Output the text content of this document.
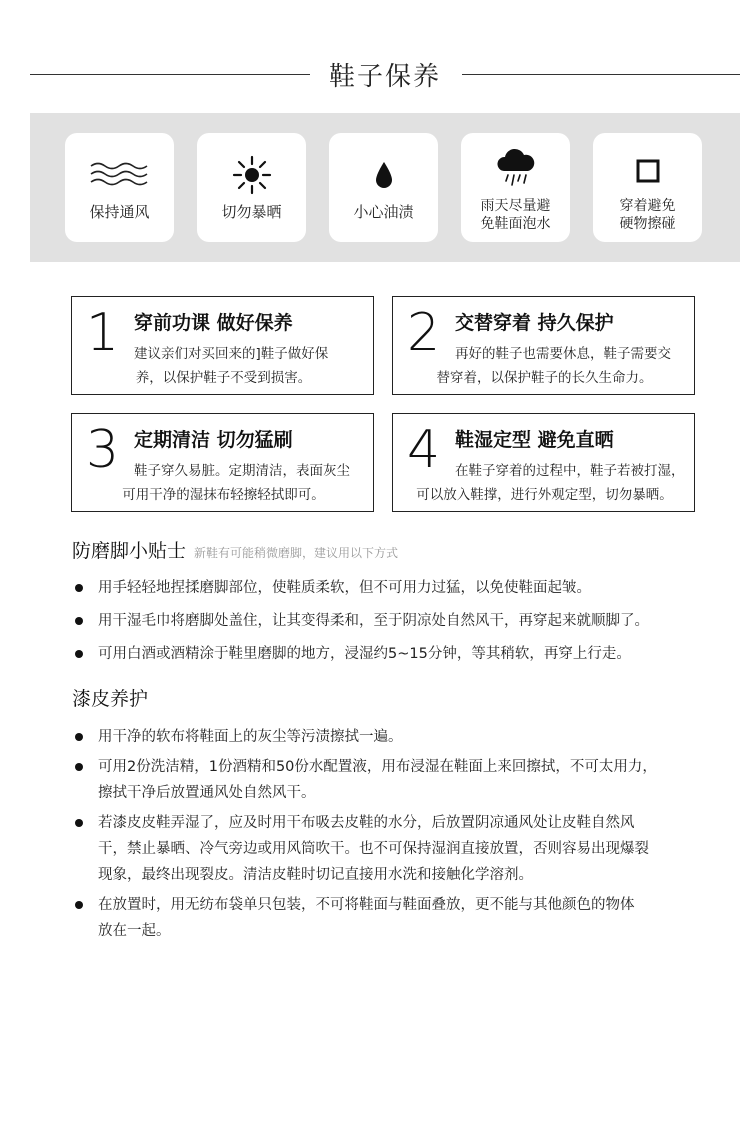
鞋子保养
保持通风	切勿暴晒	小心油渍	雨天尽量避
免鞋面泡水
穿着避免
硬物擦碰
1 穿前功课 做好保养
建议亲们对买回来的]鞋子做好保
养，以保护鞋子不受到损害。
2 交替穿着 持久保护
再好的鞋子也需要休息，鞋子需要交
替穿着，以保护鞋子的长久生命力。
3 定期清洁 切勿猛刷
鞋子穿久易脏。定期清洁，表面灰尘
可用干净的湿抹布轻擦轻拭即可。
4 鞋湿定型 避免直晒
在鞋子穿着的过程中，鞋子若被打湿，
可以放入鞋撑，进行外观定型，切勿暴晒。
防磨脚小贴士 新鞋有可能稍微磨脚，建议用以下方式
用手轻轻地捏揉磨脚部位，使鞋质柔软，但不可用力过猛，以免使鞋面起皱。
用干湿毛巾将磨脚处盖住，让其变得柔和，至于阴凉处自然风干，再穿起来就顺脚了。
可用白酒或酒精涂于鞋里磨脚的地方，浸湿约5~15分钟，等其稍软，再穿上行走。
漆皮养护
用干净的软布将鞋面上的灰尘等污渍擦拭一遍。
可用2份洗洁精，1份酒精和50份水配置液，用布浸湿在鞋面上来回擦拭，不可太用力，
擦拭干净后放置通风处自然风干。
若漆皮皮鞋弄湿了，应及时用干布吸去皮鞋的水分，后放置阴凉通风处让皮鞋自然风
干，禁止暴晒、冷气旁边或用风筒吹干。也不可保持湿润直接放置，否则容易出现爆裂
现象，最终出现裂皮。清洁皮鞋时切记直接用水洗和接触化学溶剂。
在放置时，用无纺布袋单只包装，不可将鞋面与鞋面叠放，更不能与其他颜色的物体
放在一起。
